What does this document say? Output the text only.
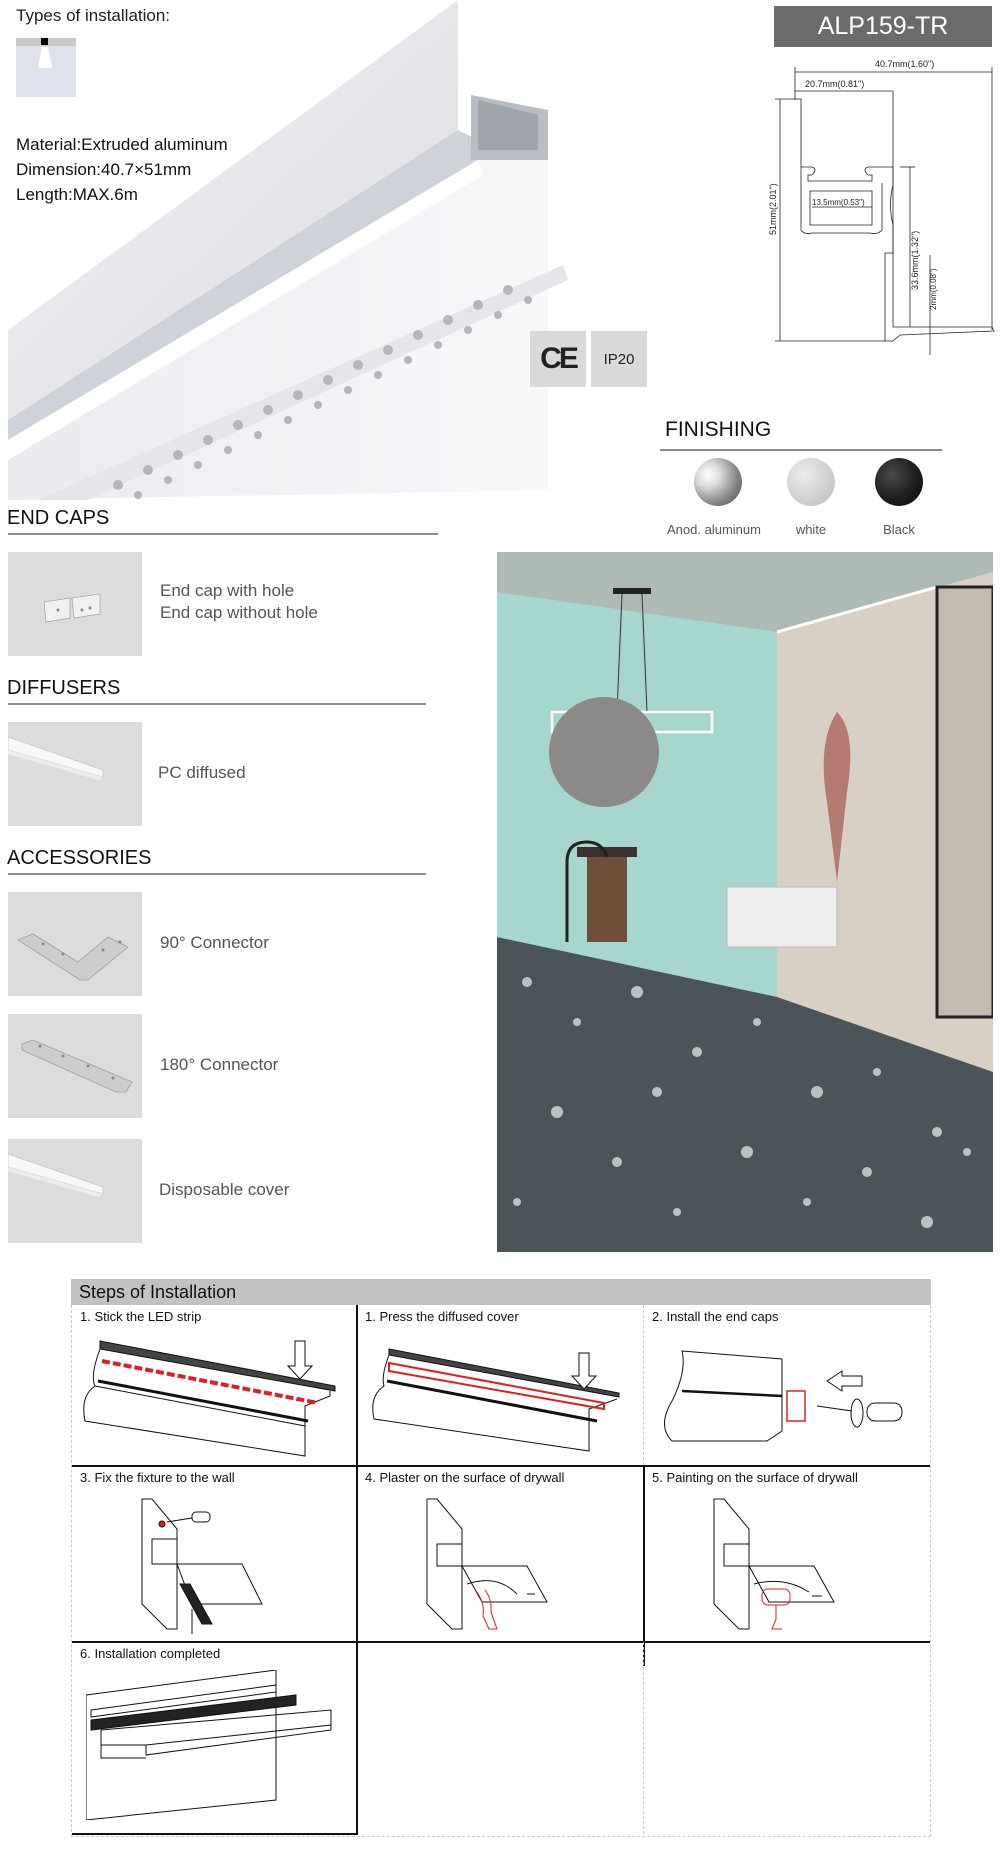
Types of installation:
Material:Extruded aluminum
Dimension:40.7×51mm
Length:MAX.6m
CE	IP20
ALP159-TR
40.7mm(1.60")
20.7mm(0.81")
13.5mm(0.53")
51mm(2.01")
33.6mm(1.32") 2mm(0.08")
FINISHING
Anod. aluminum	white	Black
END CAPS
End cap with hole
End cap without hole
DIFFUSERS
PC diffused
ACCESSORIES
90° Connector
180° Connector
Disposable cover
Steps of Installation
1. Stick the LED strip	1. Press the diffused cover	2. Install the end caps
3. Fix the fixture to the wall	4. Plaster on the surface of drywall	5. Painting on the surface of drywall
6. Installation completed
